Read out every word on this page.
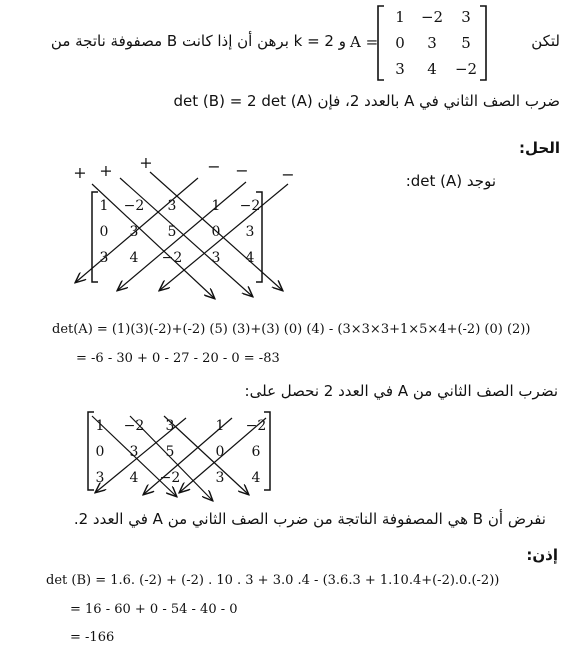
لتكن
1 −2 3
0 3 5
3 4 −2
A =
و k = 2 برهن أن إذا كانت B مصفوفة ناتجة من
ضرب الصف الثاني في A بالعدد 2، فإن det (B) = 2 det (A)
الحل:
نوجد det (A):
+ + +	− − −
1 −2 3	1 −2
0 3 5	0 3
3 4 −2 3 4
det(A) = (1)(3)(-2)+(-2) (5) (3)+(3) (0) (4) - (3×3×3+1×5×4+(-2) (0) (2))
= -6 - 30 + 0 - 27 - 20 - 0 = -83
نضرب الصف الثاني من A في العدد 2 نحصل على:
1 −2 3	1 −2
0 3 5	0 6
3 4 −2	3 4
نفرض أن B هي المصفوفة الناتجة من ضرب الصف الثاني من A في العدد 2.
إذن:
det (B) = 1.6. (-2) + (-2) . 10 . 3 + 3.0 .4 - (3.6.3 + 1.10.4+(-2).0.(-2))
= 16 - 60 + 0 - 54 - 40 - 0
= -166
